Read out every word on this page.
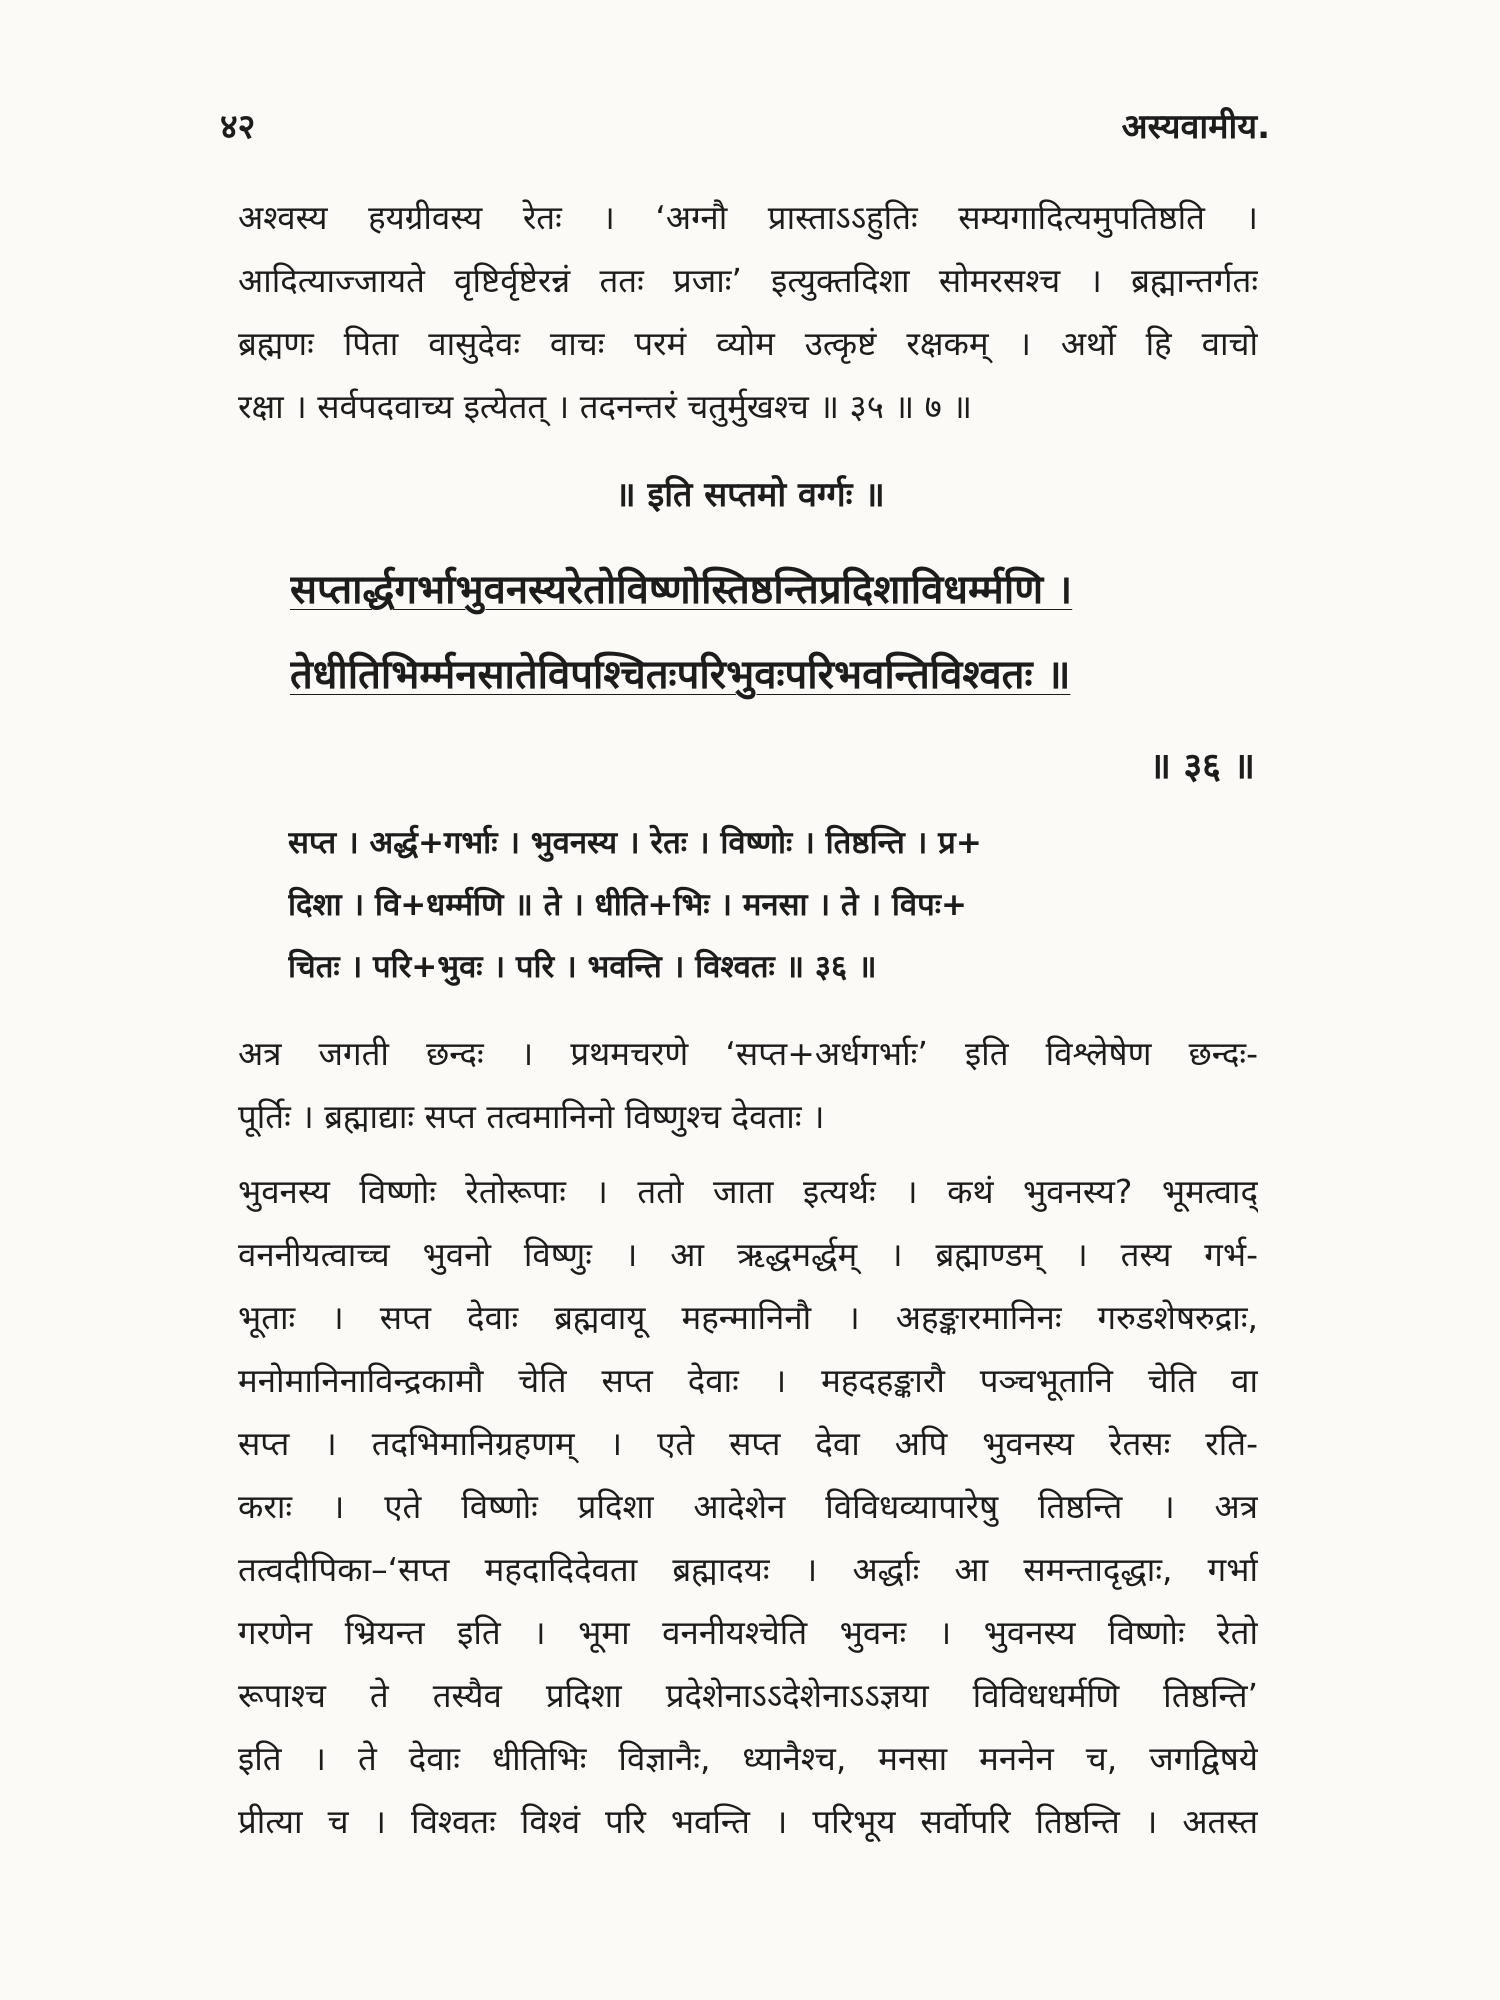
४२	अस्यवामीय.
अश्वस्य हयग्रीवस्य रेतः । ‘अग्नौ प्रास्ताऽऽहुतिः सम्यगादित्यमुपतिष्ठति ।
आदित्याज्जायते वृष्टिर्वृष्टेरन्नं ततः प्रजाः’ इत्युक्तदिशा सोमरसश्च । ब्रह्मान्तर्गतः
ब्रह्मणः पिता वासुदेवः वाचः परमं व्योम उत्कृष्टं रक्षकम् । अर्थो हि वाचो
रक्षा । सर्वपदवाच्य इत्येतत् । तदनन्तरं चतुर्मुखश्च ॥ ३५ ॥ ७ ॥
॥ इति सप्तमो वर्ग्गः ॥
सप्तार्द्धगर्भाभुवनस्यरेतोविष्णोस्तिष्ठन्तिप्रदिशाविधर्म्मणि ।
तेधीतिभिर्म्मनसातेविपश्चितःपरिभुवःपरिभवन्तिविश्वतः ॥
॥ ३६ ॥
सप्त । अर्द्ध+गर्भाः । भुवनस्य । रेतः । विष्णोः । तिष्ठन्ति । प्र+
दिशा । वि+धर्म्मणि ॥ ते । धीति+भिः । मनसा । ते । विपः+
चितः । परि+भुवः । परि । भवन्ति । विश्वतः ॥ ३६ ॥
अत्र जगती छन्दः । प्रथमचरणे ‘सप्त+अर्धगर्भाः’ इति विश्लेषेण छन्दः-
पूर्तिः । ब्रह्माद्याः सप्त तत्वमानिनो विष्णुश्च देवताः ।
भुवनस्य विष्णोः रेतोरूपाः । ततो जाता इत्यर्थः । कथं भुवनस्य? भूमत्वाद्
वननीयत्वाच्च भुवनो विष्णुः । आ ऋद्धमर्द्धम् । ब्रह्माण्डम् । तस्य गर्भ-
भूताः । सप्त देवाः ब्रह्मवायू महन्मानिनौ । अहङ्कारमानिनः गरुडशेषरुद्राः,
मनोमानिनाविन्द्रकामौ चेति सप्त देवाः । महदहङ्कारौ पञ्चभूतानि चेति वा
सप्त । तदभिमानिग्रहणम् । एते सप्त देवा अपि भुवनस्य रेतसः रति-
कराः । एते विष्णोः प्रदिशा आदेशेन विविधव्यापारेषु तिष्ठन्ति । अत्र
तत्वदीपिका–‘सप्त महदादिदेवता ब्रह्मादयः । अर्द्धाः आ समन्तादृद्धाः, गर्भा
गरणेन भ्रियन्त इति । भूमा वननीयश्चेति भुवनः । भुवनस्य विष्णोः रेतो
रूपाश्च ते तस्यैव प्रदिशा प्रदेशेनाऽऽदेशेनाऽऽज्ञया विविधधर्मणि तिष्ठन्ति’
इति । ते देवाः धीतिभिः विज्ञानैः, ध्यानैश्च, मनसा मननेन च, जगद्विषये
प्रीत्या च । विश्वतः विश्वं परि भवन्ति । परिभूय सर्वोपरि तिष्ठन्ति । अतस्त
